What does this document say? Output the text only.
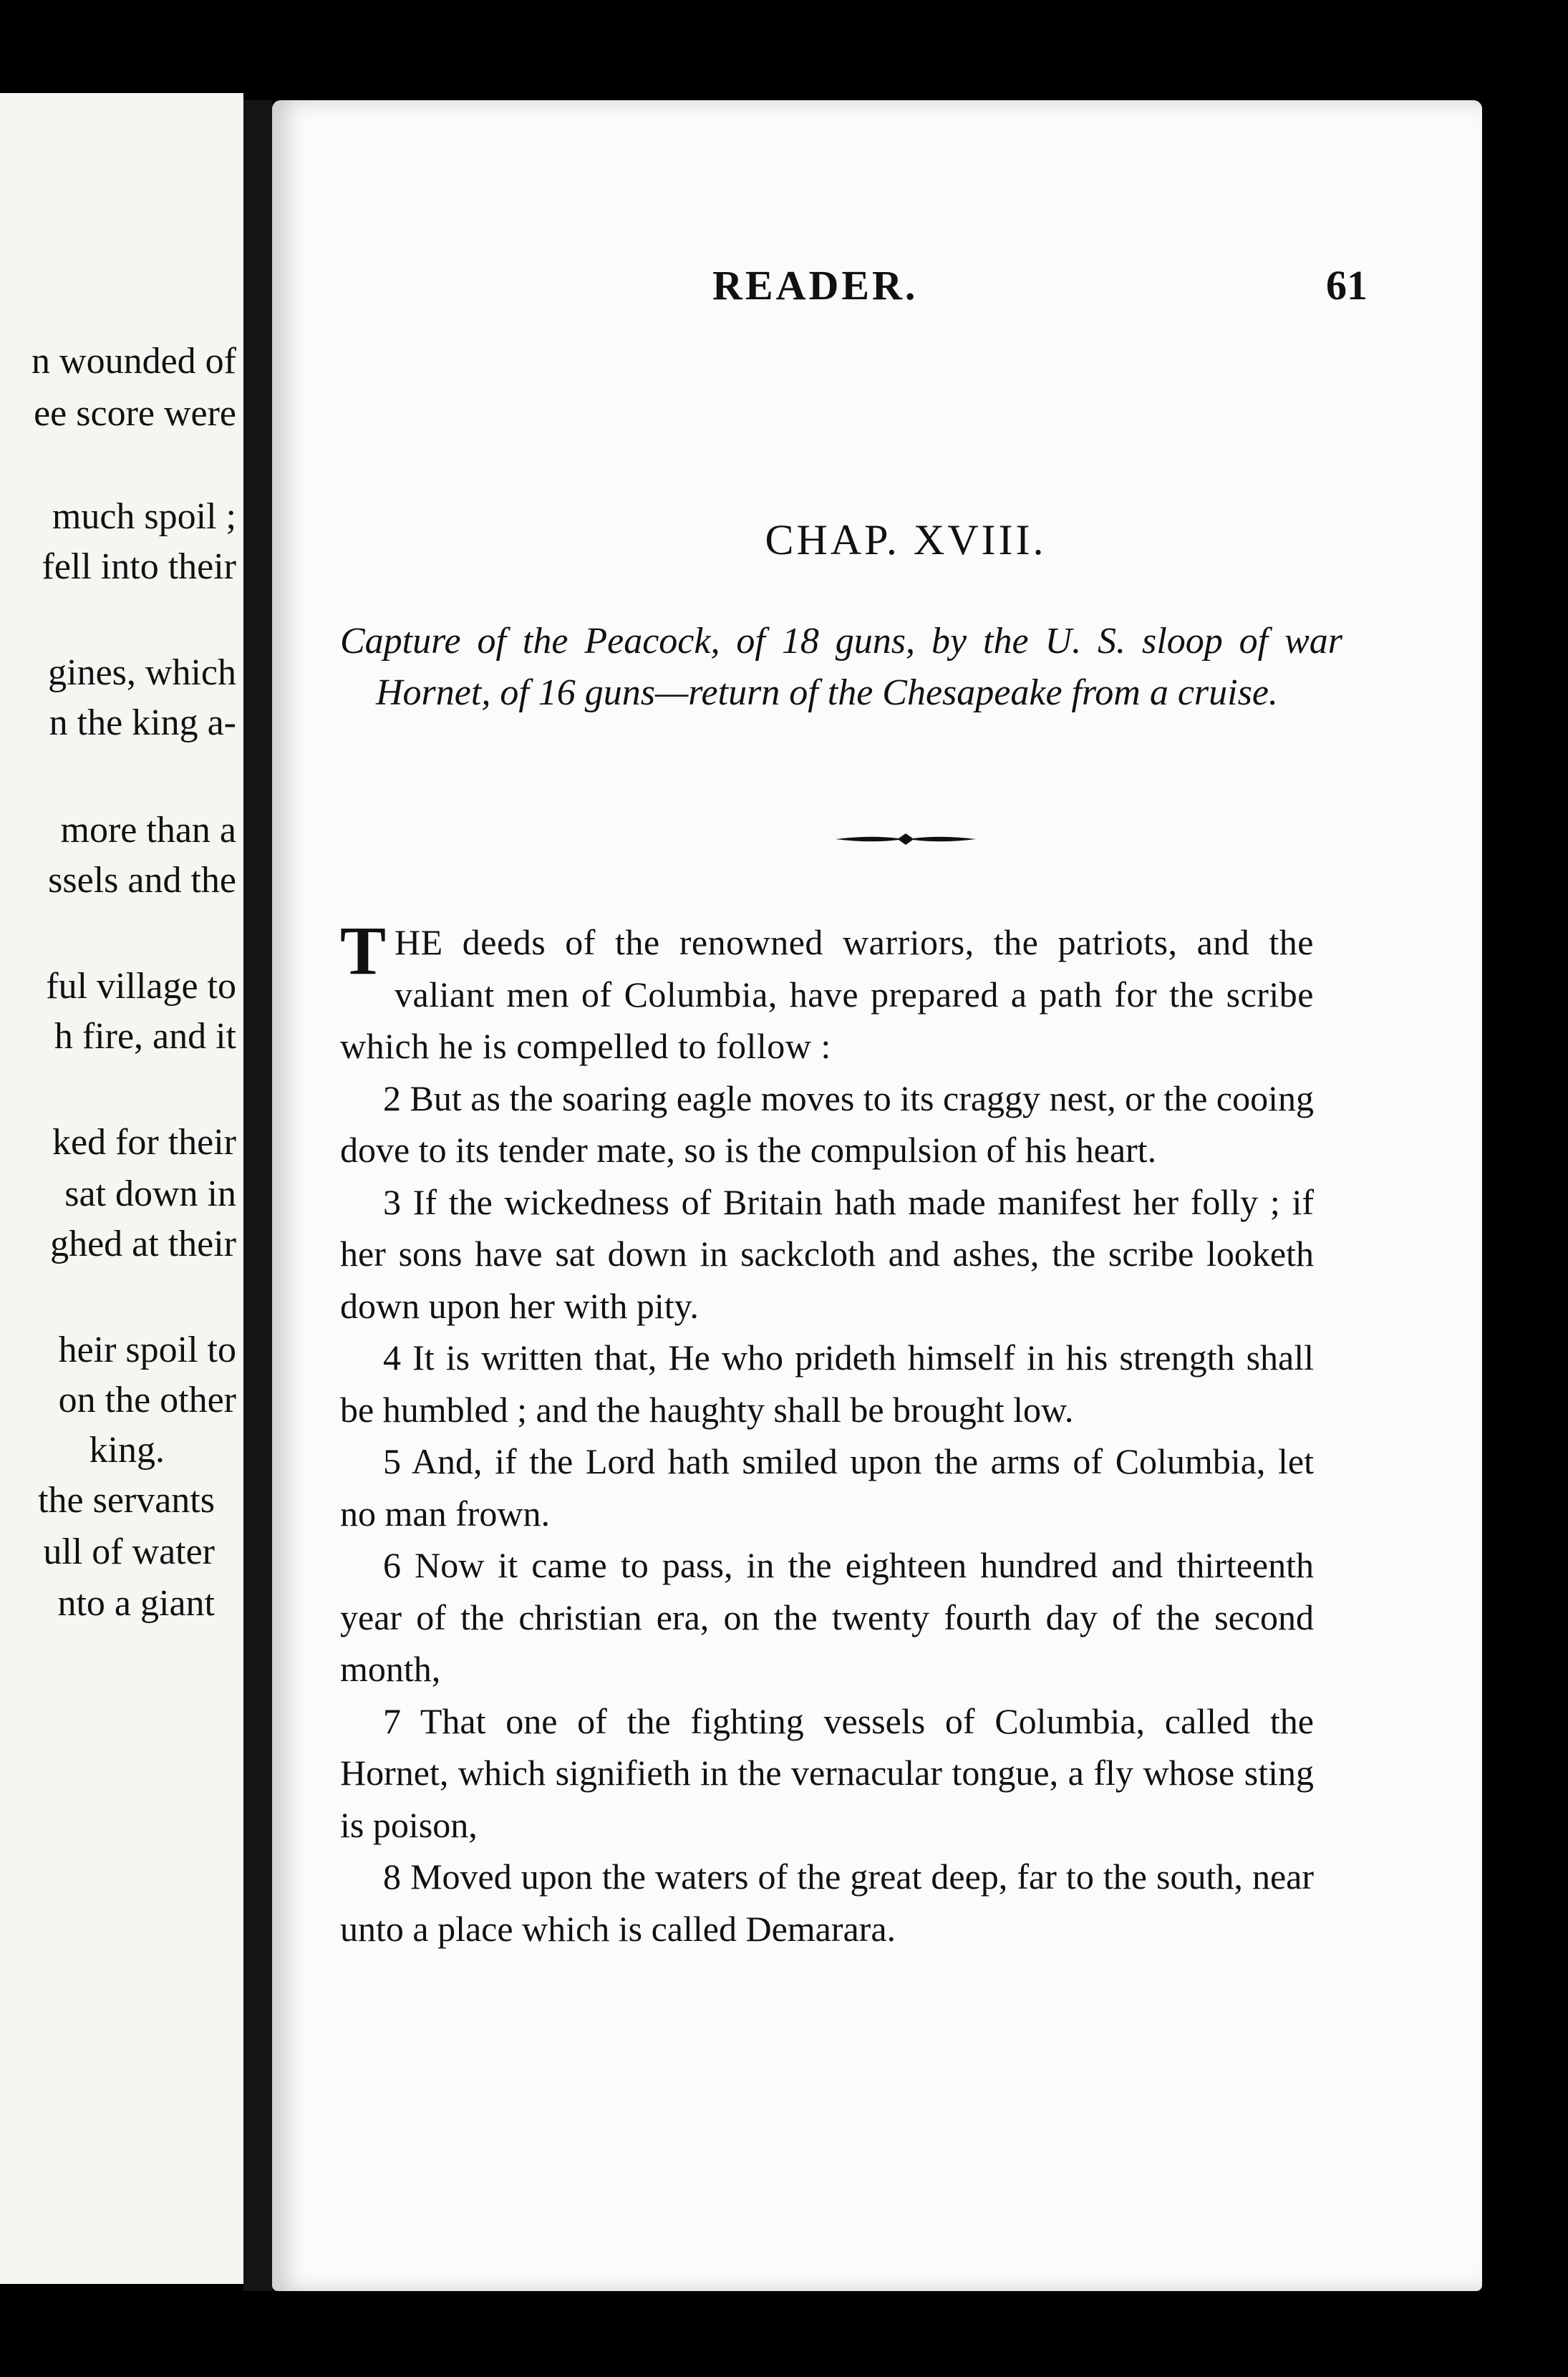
n wounded of
ee score were
much spoil ;
fell into their
gines, which
n the king a-
more than a
ssels and the
ful village to
h fire, and it
ked for their
sat down in
ghed at their
heir spoil to
on the other
king.
the servants
ull of water
nto a giant
READER.	61
CHAP. XVIII.
Capture of the Peacock, of 18 guns, by the U. S. sloop of war Hornet, of 16 guns—return of the Chesapeake from a cruise.

THE deeds of the renowned warriors, the patriots, and the valiant men of Columbia, have prepared a path for the scribe which he is compelled to follow :

2 But as the soaring eagle moves to its craggy nest, or the cooing dove to its tender mate, so is the compulsion of his heart.

3 If the wickedness of Britain hath made manifest her folly ; if her sons have sat down in sackcloth and ashes, the scribe looketh down upon her with pity.

4 It is written that, He who prideth himself in his strength shall be humbled ; and the haughty shall be brought low.

5 And, if the Lord hath smiled upon the arms of Columbia, let no man frown.

6 Now it came to pass, in the eighteen hundred and thirteenth year of the christian era, on the twenty fourth day of the second month,

7 That one of the fighting vessels of Columbia, called the Hornet, which signifieth in the vernacular tongue, a fly whose sting is poison,

8 Moved upon the waters of the great deep, far to the south, near unto a place which is called Demarara.
